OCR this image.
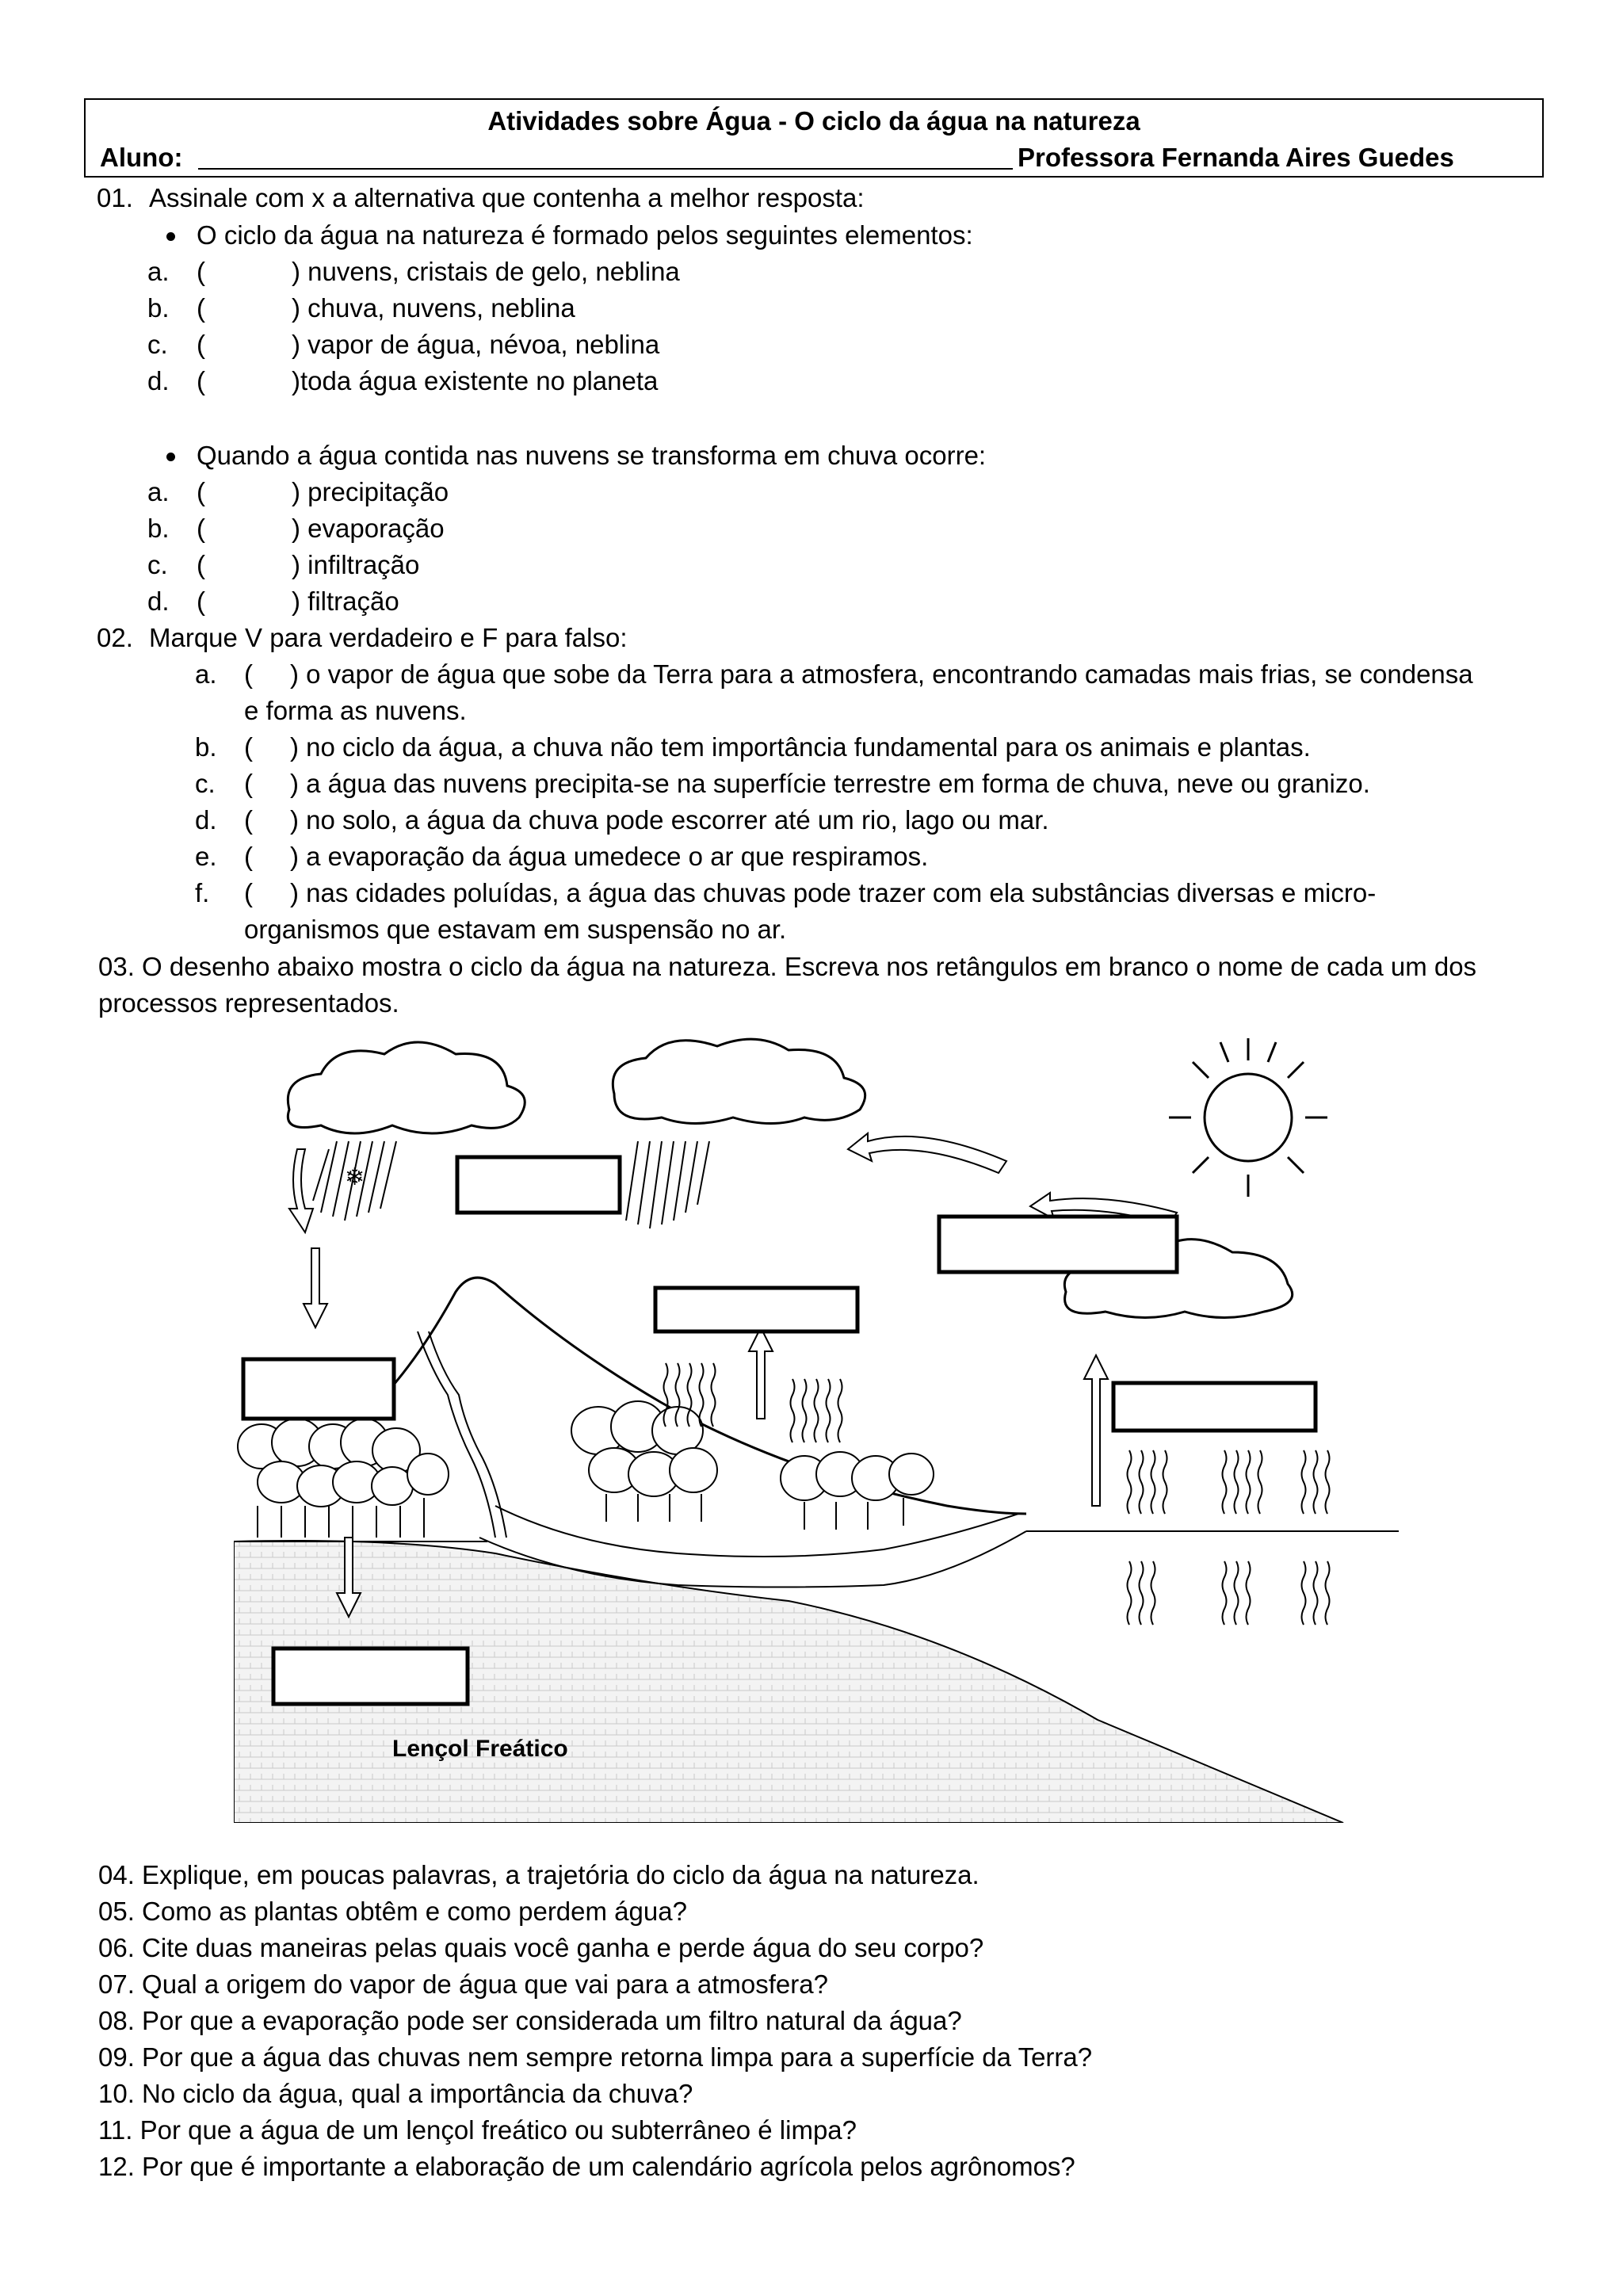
Atividades sobre Água - O ciclo da água na natureza
Aluno:	Professora Fernanda Aires Guedes
01. Assinale com x a alternativa que contenha a melhor resposta:
O ciclo da água na natureza é formado pelos seguintes elementos:
a. (	) nuvens, cristais de gelo, neblina
b. (	) chuva, nuvens, neblina
c. (	) vapor de água, névoa, neblina
d. (	)toda água existente no planeta
Quando a água contida nas nuvens se transforma em chuva ocorre:
a. (	) precipitação
b. (	) evaporação
c. (	) infiltração
d. (	) filtração
02. Marque V para verdadeiro e F para falso:
a. ( ) o vapor de água que sobe da Terra para a atmosfera, encontrando camadas mais frias, se condensa
e forma as nuvens.
b. ( ) no ciclo da água, a chuva não tem importância fundamental para os animais e plantas.
c. ( ) a água das nuvens precipita-se na superfície terrestre em forma de chuva, neve ou granizo.
d. ( ) no solo, a água da chuva pode escorrer até um rio, lago ou mar.
e. ( ) a evaporação da água umedece o ar que respiramos.
f. ( ) nas cidades poluídas, a água das chuvas pode trazer com ela substâncias diversas e micro-
organismos que estavam em suspensão no ar.
03. O desenho abaixo mostra o ciclo da água na natureza. Escreva nos retângulos em branco o nome de cada um dos
processos representados.
❄
Lençol Freático
04. Explique, em poucas palavras, a trajetória do ciclo da água na natureza.
05. Como as plantas obtêm e como perdem água?
06. Cite duas maneiras pelas quais você ganha e perde água do seu corpo?
07. Qual a origem do vapor de água que vai para a atmosfera?
08. Por que a evaporação pode ser considerada um filtro natural da água?
09. Por que a água das chuvas nem sempre retorna limpa para a superfície da Terra?
10. No ciclo da água, qual a importância da chuva?
11. Por que a água de um lençol freático ou subterrâneo é limpa?
12. Por que é importante a elaboração de um calendário agrícola pelos agrônomos?
